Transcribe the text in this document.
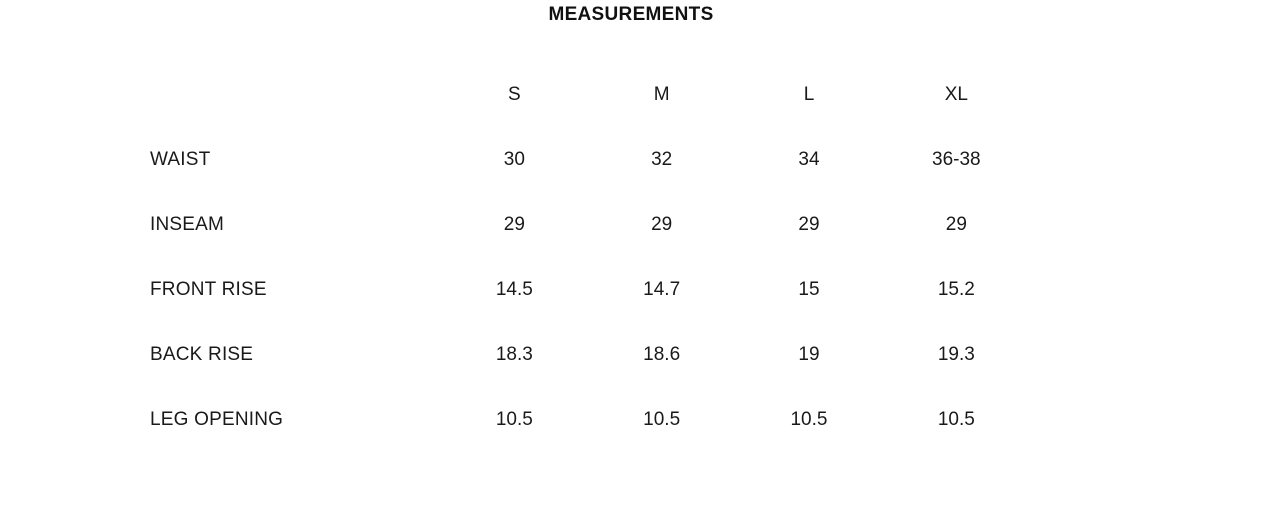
MEASUREMENTS
	S	M	L	XL
WAIST	30	32	34	36-38
INSEAM	29	29	29	29
FRONT RISE	14.5	14.7	15	15.2
BACK RISE	18.3	18.6	19	19.3
LEG OPENING	10.5	10.5	10.5	10.5
